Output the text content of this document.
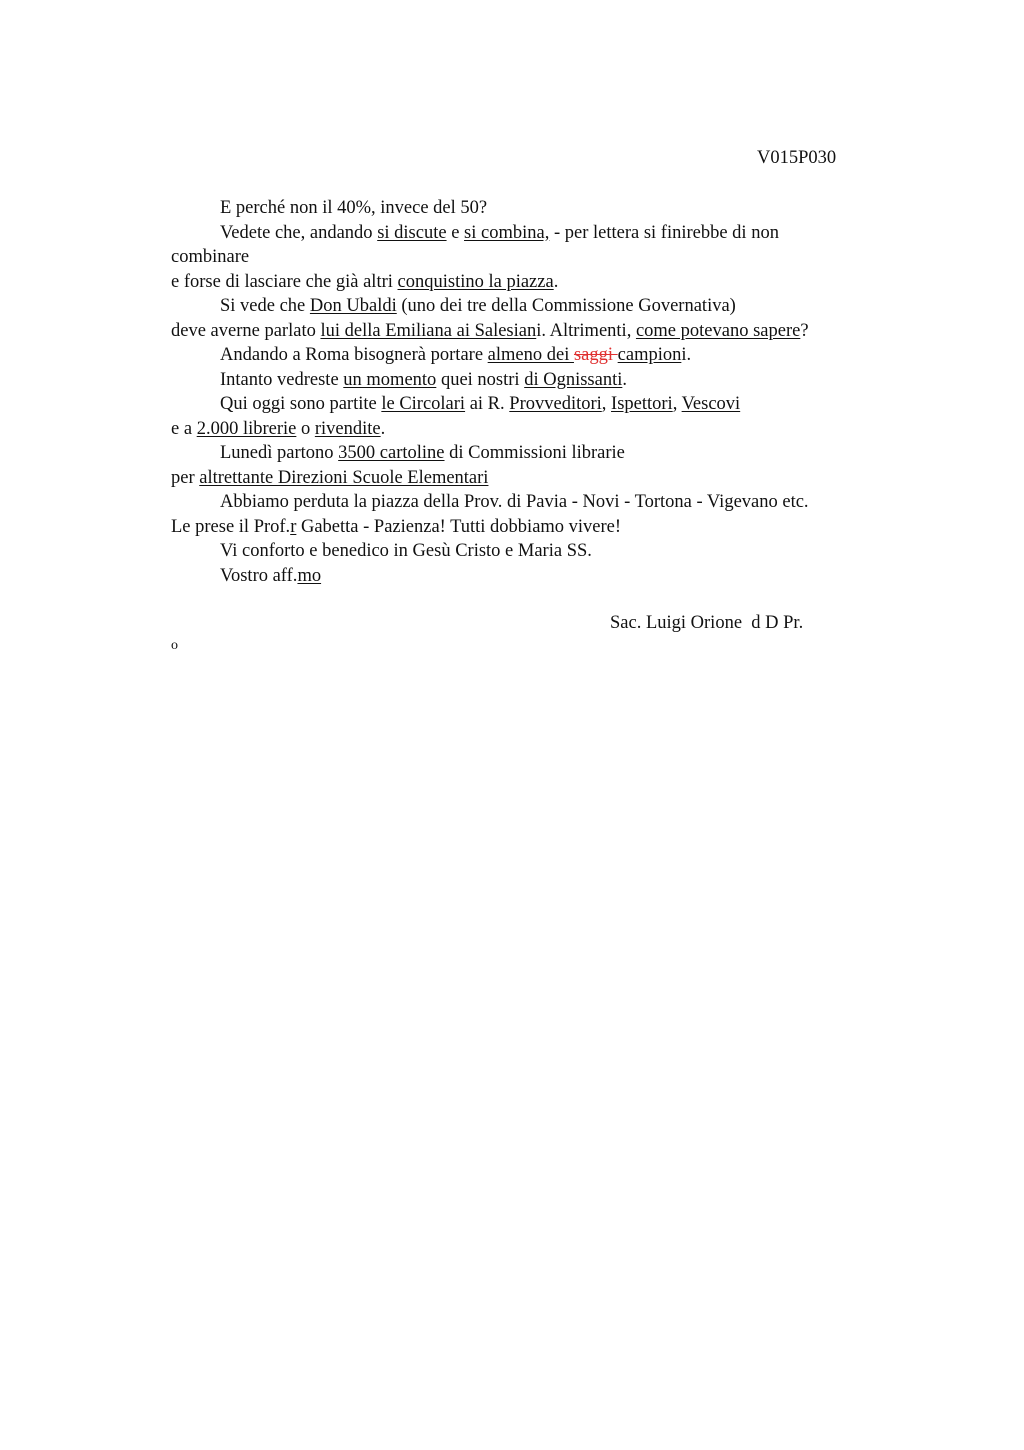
V015P030
E perché non il 40%, invece del 50?
Vedete che, andando si discute e si combina, - per lettera si finirebbe di non
combinare
e forse di lasciare che già altri conquistino la piazza.
Si vede che Don Ubaldi (uno dei tre della Commissione Governativa)
deve averne parlato lui della Emiliana ai Salesiani. Altrimenti, come potevano sapere?
Andando a Roma bisognerà portare almeno dei saggi campioni.
Intanto vedreste un momento quei nostri di Ognissanti.
Qui oggi sono partite le Circolari ai R. Provveditori, Ispettori, Vescovi
e a 2.000 librerie o rivendite.
Lunedì partono 3500 cartoline di Commissioni librarie
per altrettante Direzioni Scuole Elementari
Abbiamo perduta la piazza della Prov. di Pavia - Novi - Tortona - Vigevano etc.
Le prese il Prof.r Gabetta - Pazienza! Tutti dobbiamo vivere!
Vi conforto e benedico in Gesù Cristo e Maria SS.
Vostro aff.mo
Sac. Luigi Orione  d D Pr.
o
